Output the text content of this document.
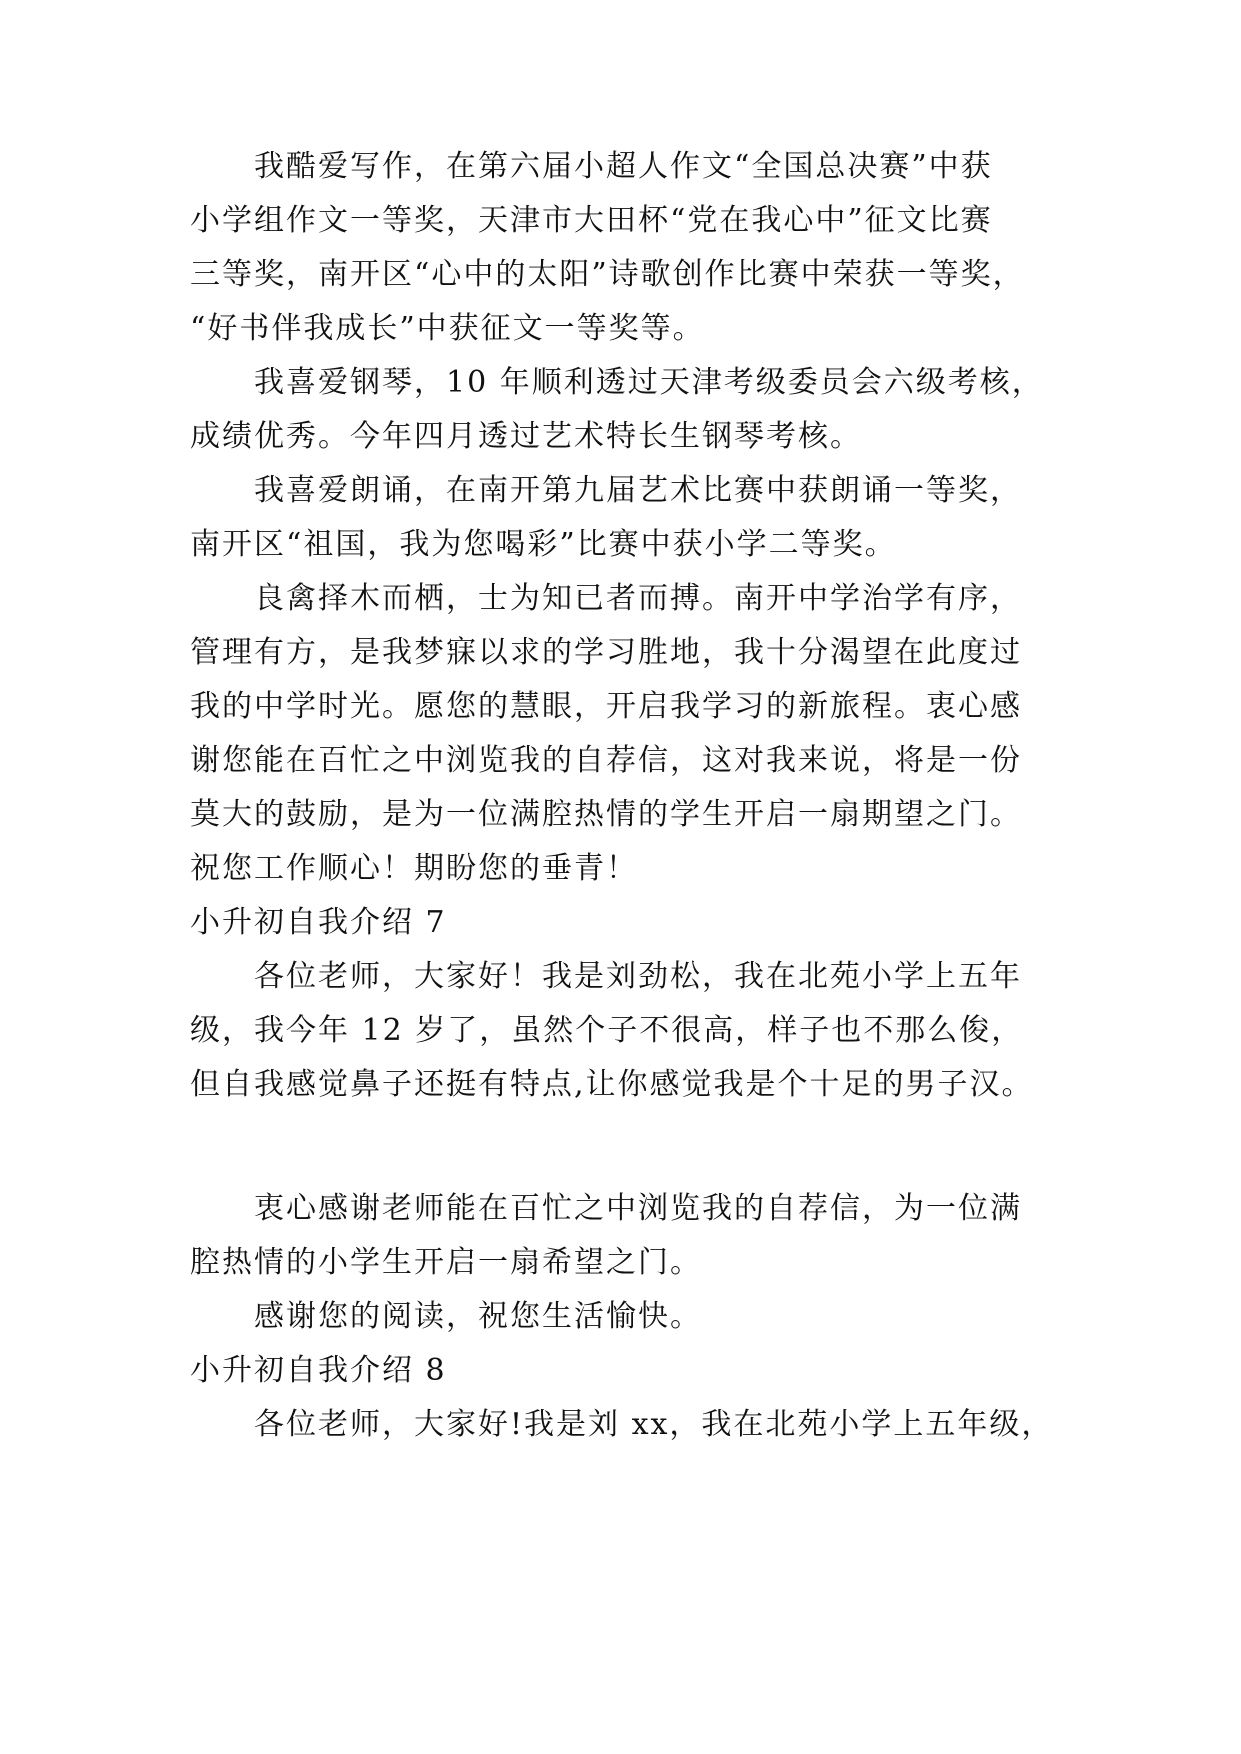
我酷爱写作，在第六届小超人作文“全国总决赛”中获
小学组作文一等奖，天津市大田杯“党在我心中”征文比赛
三等奖，南开区“心中的太阳”诗歌创作比赛中荣获一等奖，
“好书伴我成长”中获征文一等奖等。
我喜爱钢琴，10 年顺利透过天津考级委员会六级考核，
成绩优秀。今年四月透过艺术特长生钢琴考核。
我喜爱朗诵，在南开第九届艺术比赛中获朗诵一等奖，
南开区“祖国，我为您喝彩”比赛中获小学二等奖。
良禽择木而栖，士为知已者而搏。南开中学治学有序，
管理有方，是我梦寐以求的学习胜地，我十分渴望在此度过
我的中学时光。愿您的慧眼，开启我学习的新旅程。衷心感
谢您能在百忙之中浏览我的自荐信，这对我来说，将是一份
莫大的鼓励，是为一位满腔热情的学生开启一扇期望之门。
祝您工作顺心！期盼您的垂青！
小升初自我介绍 7
各位老师，大家好！我是刘劲松，我在北苑小学上五年
级，我今年 12 岁了，虽然个子不很高，样子也不那么俊，
但自我感觉鼻子还挺有特点,让你感觉我是个十足的男子汉。
衷心感谢老师能在百忙之中浏览我的自荐信，为一位满
腔热情的小学生开启一扇希望之门。
感谢您的阅读，祝您生活愉快。
小升初自我介绍 8
各位老师，大家好!我是刘 xx，我在北苑小学上五年级，
